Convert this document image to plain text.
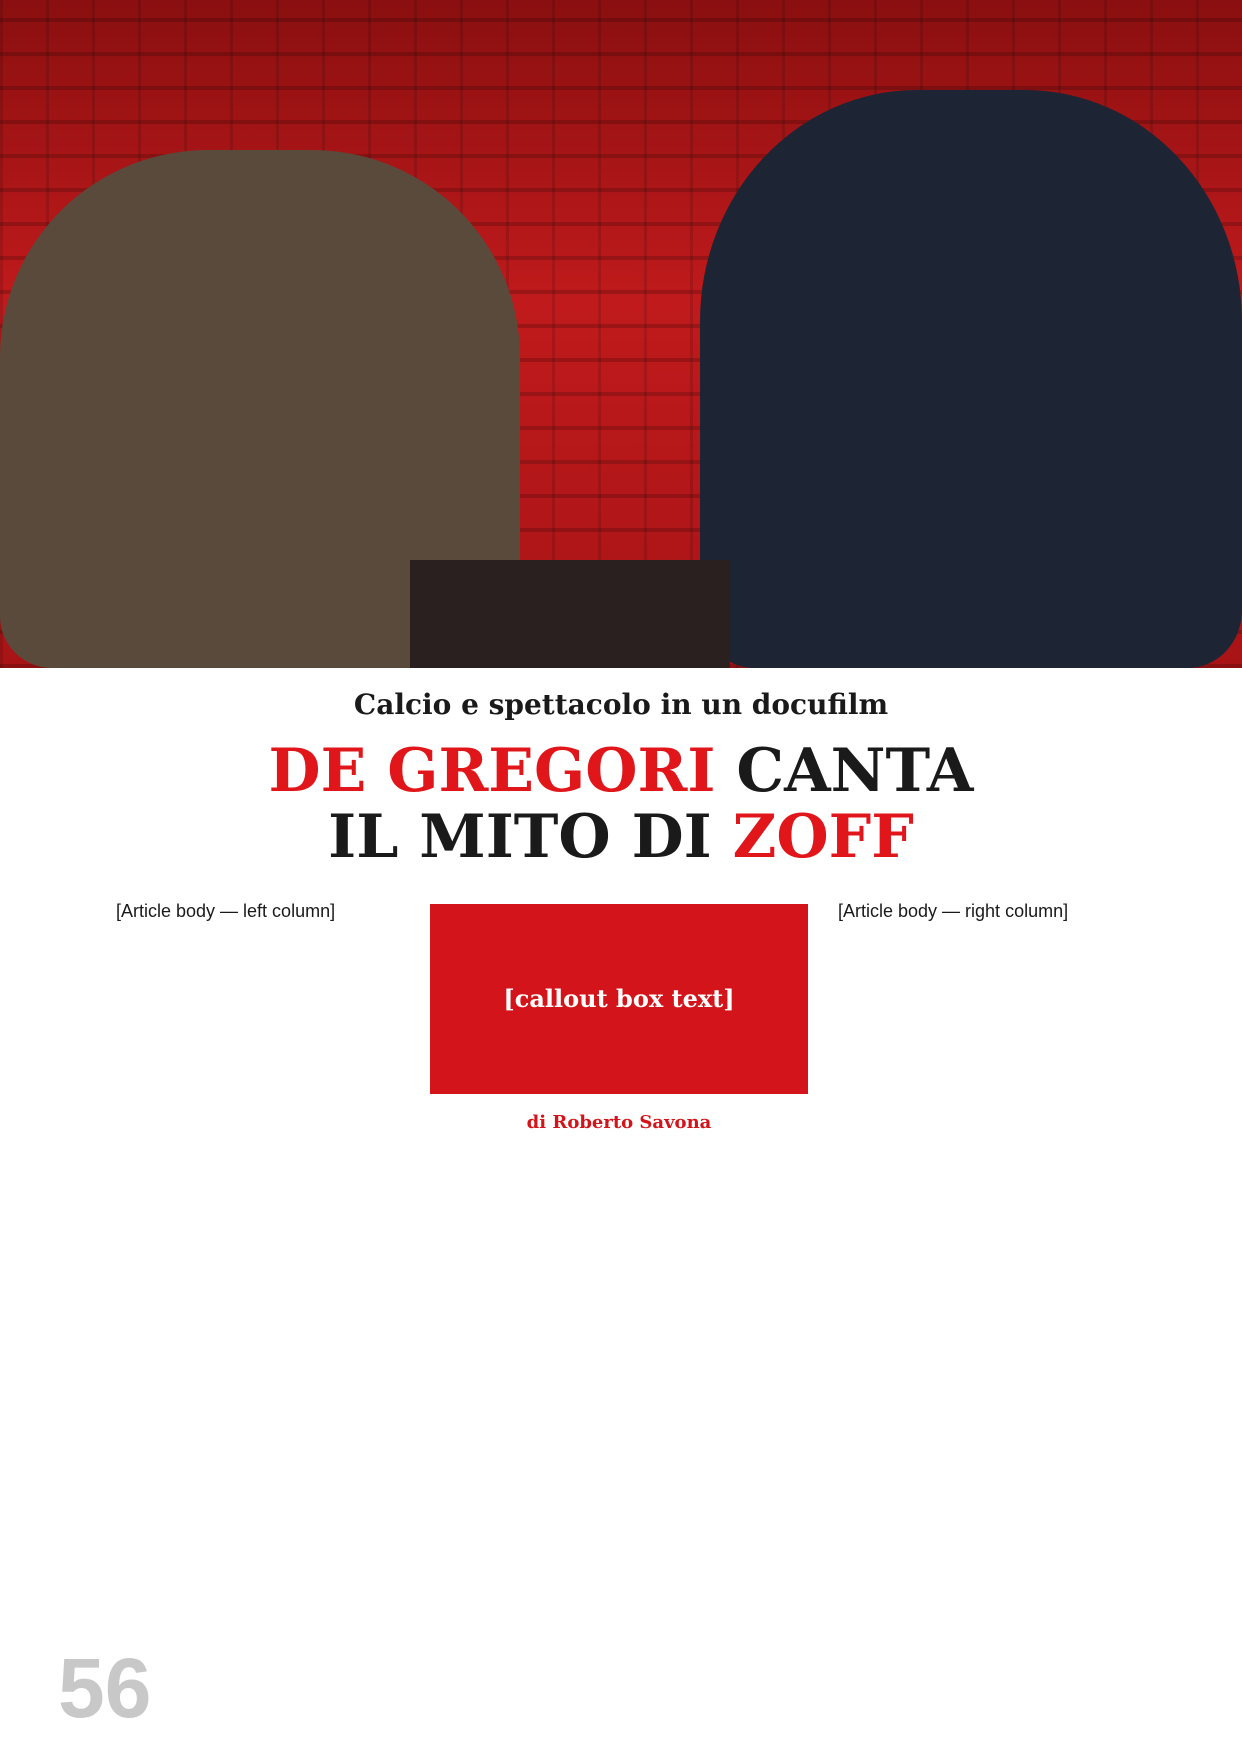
Calcio e spettacolo in un docufilm
DE GREGORI CANTA
IL MITO DI ZOFF
[Article body — left column]
[callout box text]
di Roberto Savona
[Article body — right column]
56
